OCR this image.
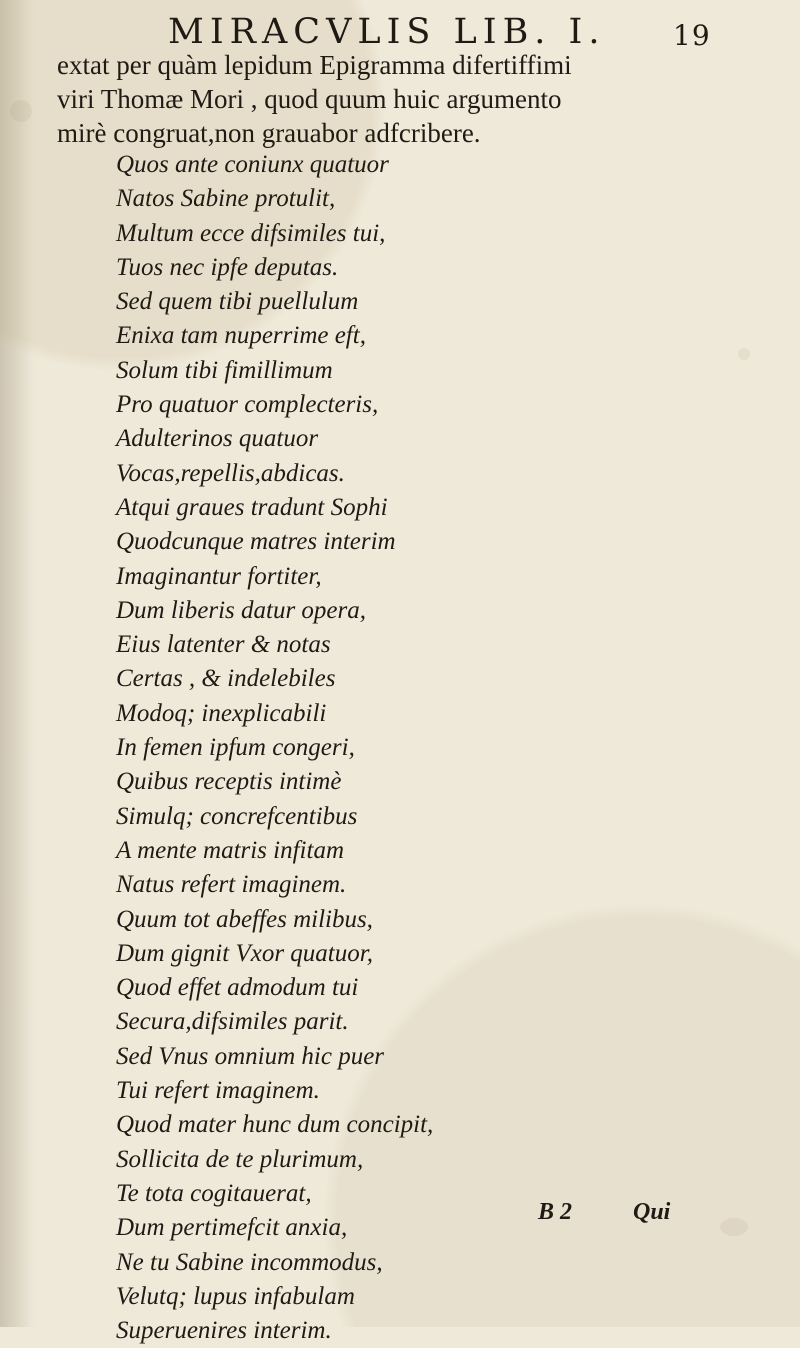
MIRACVLIS LIB. I. 19
extat per quàm lepidum Epigramma difertiffimi
viri Thomæ Mori , quod quum huic argumento
mirè congruat,non grauabor adfcribere.
Quos ante coniunx quatuor
Natos Sabine protulit,
Multum ecce difsimiles tui,
Tuos nec ipfe deputas.
Sed quem tibi puellulum
Enixa tam nuperrime eft,
Solum tibi fimillimum
Pro quatuor complecteris,
Adulterinos quatuor
Vocas,repellis,abdicas.
Atqui graues tradunt Sophi
Quodcunque matres interim
Imaginantur fortiter,
Dum liberis datur opera,
Eius latenter & notas
Certas , & indelebiles
Modoq; inexplicabili
In femen ipfum congeri,
Quibus receptis intimè
Simulq; concrefcentibus
A mente matris infitam
Natus refert imaginem.
Quum tot abeffes milibus,
Dum gignit Vxor quatuor,
Quod effet admodum tui
Secura,difsimiles parit.
Sed Vnus omnium hic puer
Tui refert imaginem.
Quod mater hunc dum concipit,
Sollicita de te plurimum,
Te tota cogitauerat,
Dum pertimefcit anxia,
Ne tu Sabine incommodus,
Velutq; lupus infabulam
Superuenires interim.
B 2	Qui
